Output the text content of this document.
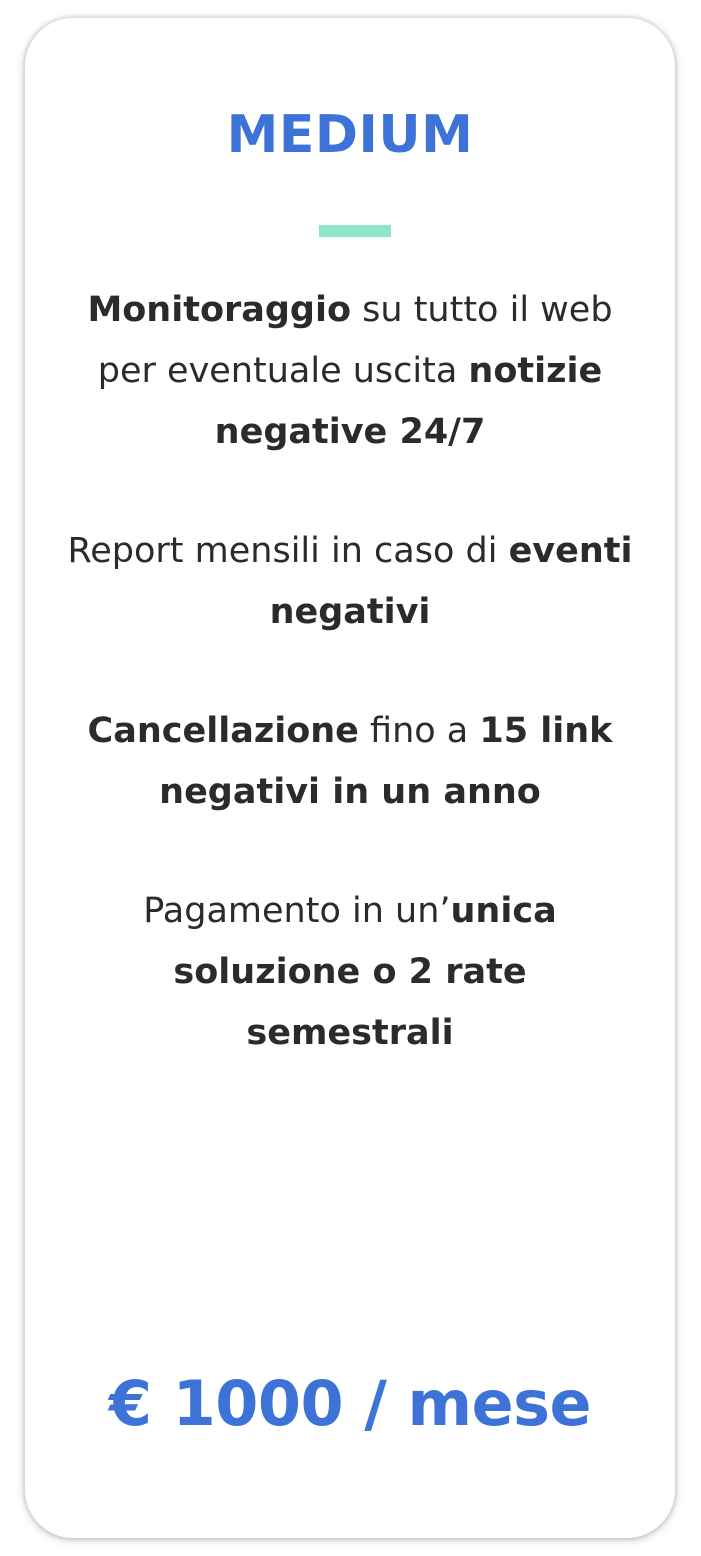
MEDIUM
Monitoraggio su tutto il web per eventuale uscita notizie negative 24/7
Report mensili in caso di eventi negativi
Cancellazione fino a 15 link negativi in un anno
Pagamento in un’unica soluzione o 2 rate semestrali
€ 1000 / mese
